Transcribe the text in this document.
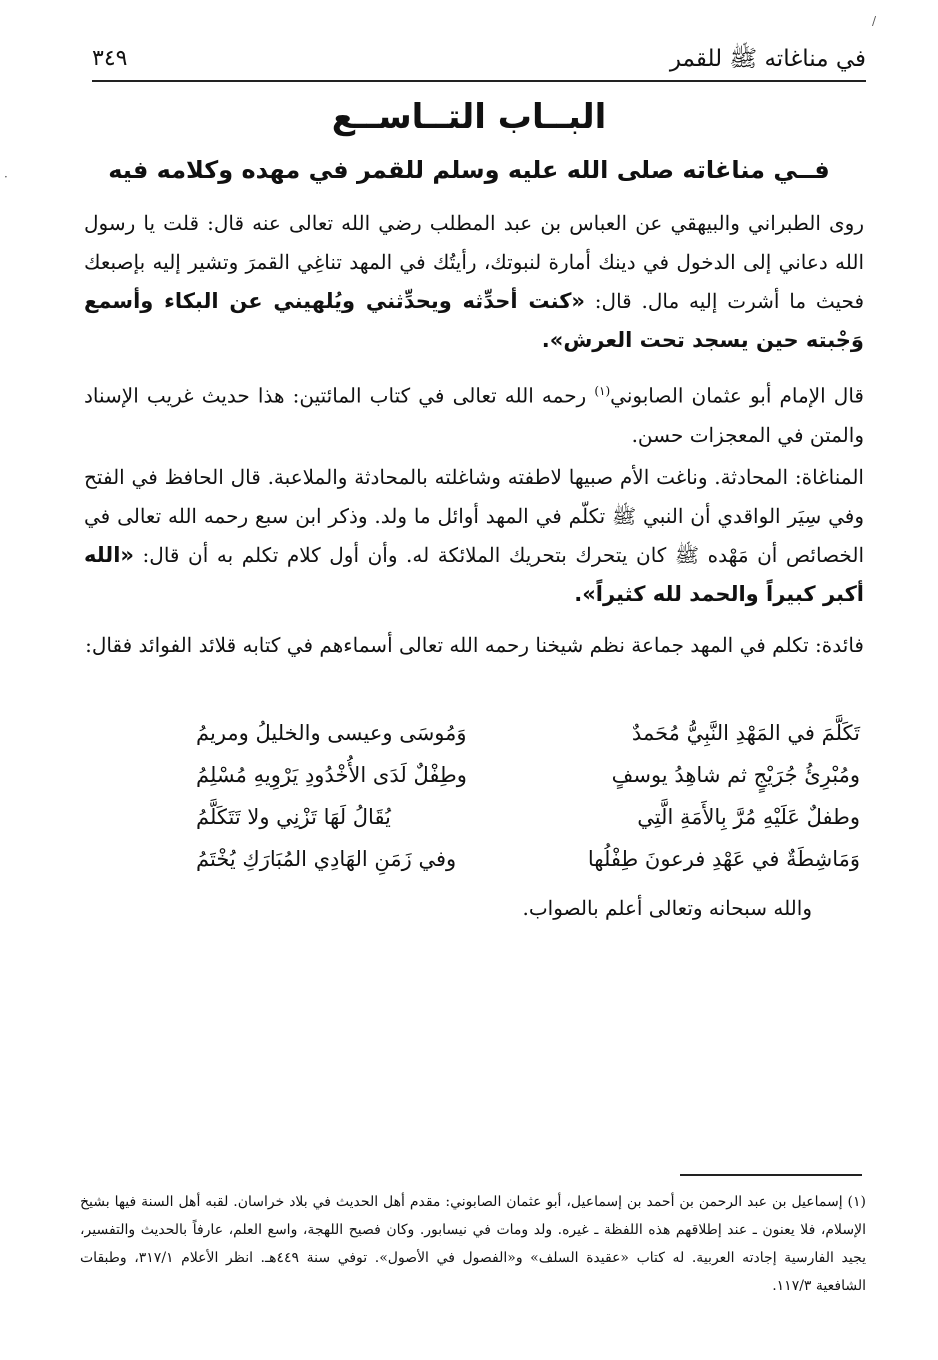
/
·
في مناغاته ﷺ للقمر
٣٤٩
البــاب التــاســع
فــي مناغاته صلى الله عليه وسلم للقمر في مهده وكلامه فيه
روى الطبراني والبيهقي عن العباس بن عبد المطلب رضي الله تعالى عنه قال: قلت يا رسول الله دعاني إلى الدخول في دينك أمارة لنبوتك، رأيتُك في المهد تناغِي القمرَ وتشير إليه بإصبعك فحيث ما أشرت إليه مال. قال: «كنت أحدِّثه ويحدِّثني ويُلهيني عن البكاء وأسمع وَجْبته حين يسجد تحت العرش».
قال الإمام أبو عثمان الصابوني$^{(١)}$ رحمه الله تعالى في كتاب المائتين: هذا حديث غريب الإسناد والمتن في المعجزات حسن.
المناغاة: المحادثة. وناغت الأم صبيها لاطفته وشاغلته بالمحادثة والملاعبة. قال الحافظ في الفتح وفي سِيَر الواقدي أن النبي ﷺ تكلّم في المهد أوائل ما ولد. وذكر ابن سبع رحمه الله تعالى في الخصائص أن مَهْده ﷺ كان يتحرك بتحريك الملائكة له. وأن أول كلام تكلم به أن قال: «الله أكبر كبيراً والحمد لله كثيراً».
فائدة: تكلم في المهد جماعة نظم شيخنا رحمه الله تعالى أسماءهم في كتابه قلائد الفوائد فقال:
تَكَلَّمَ في المَهْدِ النَّبِيُّ مُحَمدٌ
وَمُوسَى وعيسى والخليلُ ومريمُ
ومُبْرِئُ جُرَيْجٍ ثم شاهِدُ يوسفٍ
وطِفْلٌ لَدَى الأُخْدُودِ يَرْوِيهِ مُسْلِمُ
وطفلٌ عَلَيْهِ مُرَّ بِالأَمَةِ الَّتِي
يُقَالُ لَهَا تَزْنِي ولا تَتَكَلَّمُ
وَمَاشِطَةٌ في عَهْدِ فرعونَ طِفْلُها
وفي زَمَنِ الهَادِي المُبَارَكِ يُخْتَمُ
والله سبحانه وتعالى أعلم بالصواب.
(١) إسماعيل بن عبد الرحمن بن أحمد بن إسماعيل، أبو عثمان الصابوني: مقدم أهل الحديث في بلاد خراسان. لقبه أهل السنة فيها بشيخ الإسلام، فلا يعنون ـ عند إطلاقهم هذه اللفظة ـ غيره. ولد ومات في نيسابور. وكان فصيح اللهجة، واسع العلم، عارفاً بالحديث والتفسير، يجيد الفارسية إجادته العربية. له كتاب «عقيدة السلف» و«الفصول في الأصول». توفي سنة ٤٤٩هـ. انظر الأعلام ٣١٧/١، وطبقات الشافعية ١١٧/٣.
